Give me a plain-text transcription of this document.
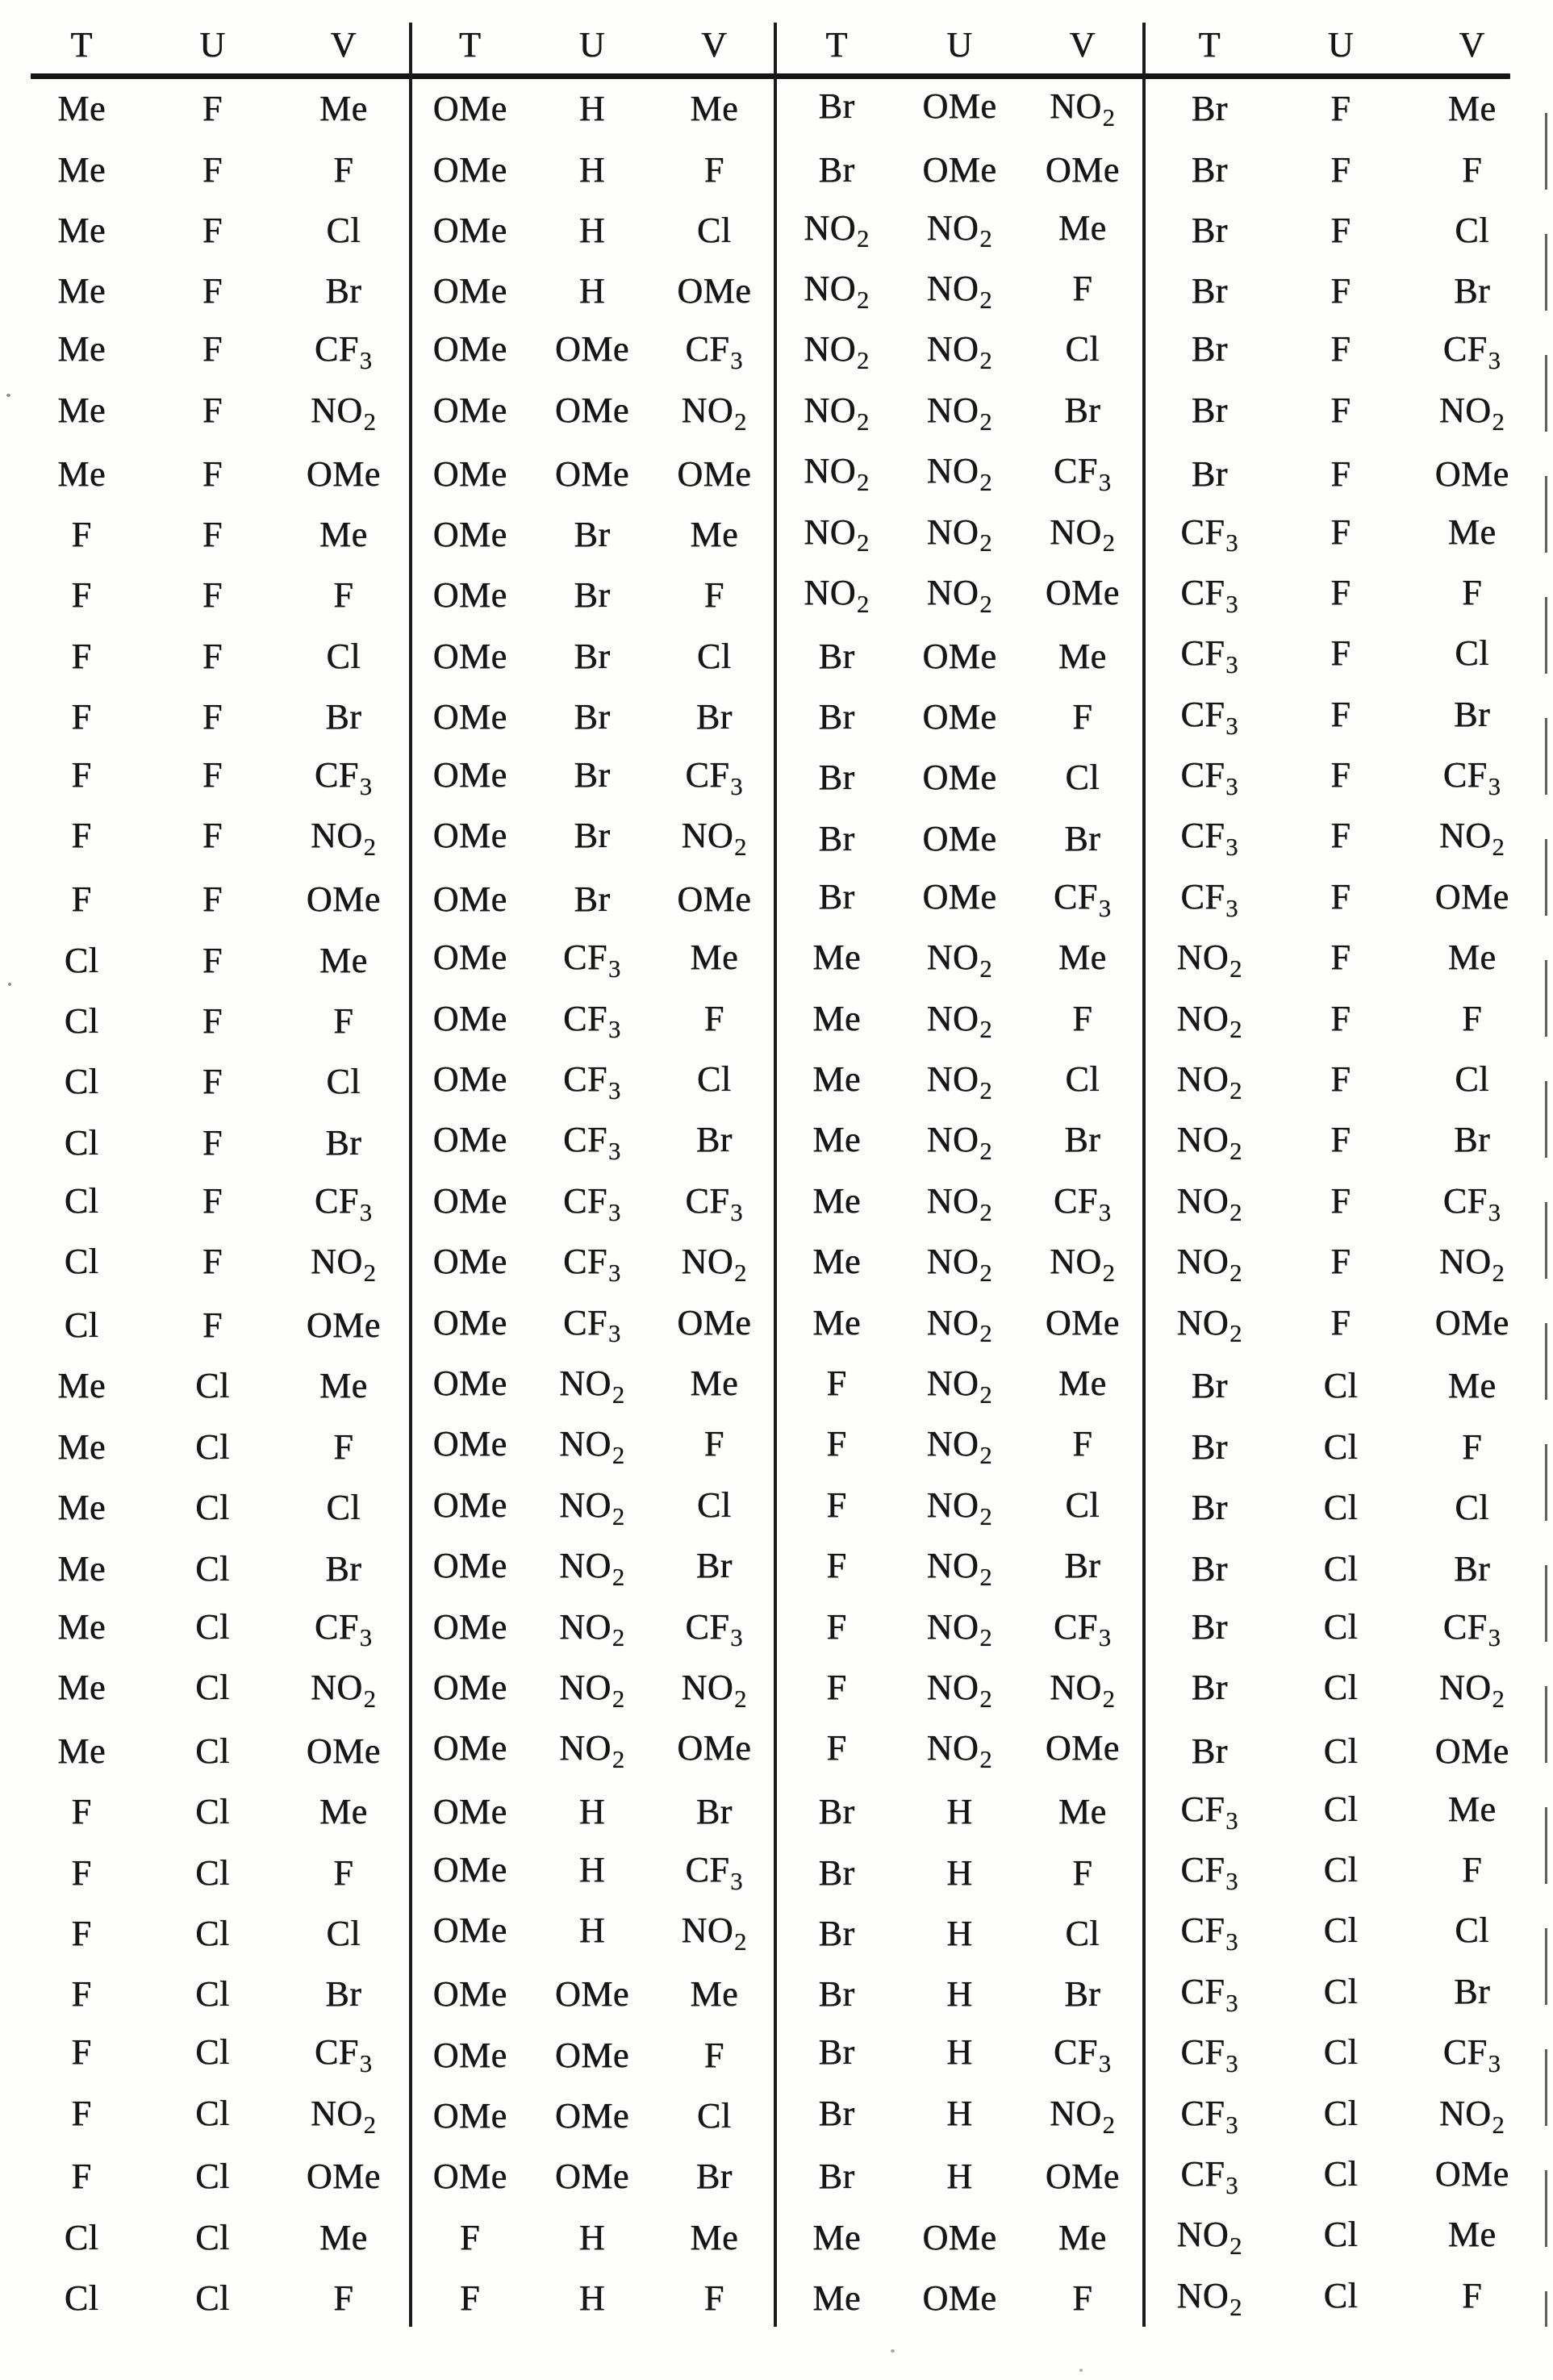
T	U	V	T	U	V	T	U	V	T	U	V
Me	F	Me	OMe	H	Me	Br	OMe	$NO_2$	Br	F	Me
Me	F	F	OMe	H	F	Br	OMe	OMe	Br	F	F
Me	F	Cl	OMe	H	Cl	$NO_2$	$NO_2$	Me	Br	F	Cl
Me	F	Br	OMe	H	OMe	$NO_2$	$NO_2$	F	Br	F	Br
Me	F	$CF_3$	OMe	OMe	$CF_3$	$NO_2$	$NO_2$	Cl	Br	F	$CF_3$
Me	F	$NO_2$	OMe	OMe	$NO_2$	$NO_2$	$NO_2$	Br	Br	F	$NO_2$
Me	F	OMe	OMe	OMe	OMe	$NO_2$	$NO_2$	$CF_3$	Br	F	OMe
F	F	Me	OMe	Br	Me	$NO_2$	$NO_2$	$NO_2$	$CF_3$	F	Me
F	F	F	OMe	Br	F	$NO_2$	$NO_2$	OMe	$CF_3$	F	F
F	F	Cl	OMe	Br	Cl	Br	OMe	Me	$CF_3$	F	Cl
F	F	Br	OMe	Br	Br	Br	OMe	F	$CF_3$	F	Br
F	F	$CF_3$	OMe	Br	$CF_3$	Br	OMe	Cl	$CF_3$	F	$CF_3$
F	F	$NO_2$	OMe	Br	$NO_2$	Br	OMe	Br	$CF_3$	F	$NO_2$
F	F	OMe	OMe	Br	OMe	Br	OMe	$CF_3$	$CF_3$	F	OMe
Cl	F	Me	OMe	$CF_3$	Me	Me	$NO_2$	Me	$NO_2$	F	Me
Cl	F	F	OMe	$CF_3$	F	Me	$NO_2$	F	$NO_2$	F	F
Cl	F	Cl	OMe	$CF_3$	Cl	Me	$NO_2$	Cl	$NO_2$	F	Cl
Cl	F	Br	OMe	$CF_3$	Br	Me	$NO_2$	Br	$NO_2$	F	Br
Cl	F	$CF_3$	OMe	$CF_3$	$CF_3$	Me	$NO_2$	$CF_3$	$NO_2$	F	$CF_3$
Cl	F	$NO_2$	OMe	$CF_3$	$NO_2$	Me	$NO_2$	$NO_2$	$NO_2$	F	$NO_2$
Cl	F	OMe	OMe	$CF_3$	OMe	Me	$NO_2$	OMe	$NO_2$	F	OMe
Me	Cl	Me	OMe	$NO_2$	Me	F	$NO_2$	Me	Br	Cl	Me
Me	Cl	F	OMe	$NO_2$	F	F	$NO_2$	F	Br	Cl	F
Me	Cl	Cl	OMe	$NO_2$	Cl	F	$NO_2$	Cl	Br	Cl	Cl
Me	Cl	Br	OMe	$NO_2$	Br	F	$NO_2$	Br	Br	Cl	Br
Me	Cl	$CF_3$	OMe	$NO_2$	$CF_3$	F	$NO_2$	$CF_3$	Br	Cl	$CF_3$
Me	Cl	$NO_2$	OMe	$NO_2$	$NO_2$	F	$NO_2$	$NO_2$	Br	Cl	$NO_2$
Me	Cl	OMe	OMe	$NO_2$	OMe	F	$NO_2$	OMe	Br	Cl	OMe
F	Cl	Me	OMe	H	Br	Br	H	Me	$CF_3$	Cl	Me
F	Cl	F	OMe	H	$CF_3$	Br	H	F	$CF_3$	Cl	F
F	Cl	Cl	OMe	H	$NO_2$	Br	H	Cl	$CF_3$	Cl	Cl
F	Cl	Br	OMe	OMe	Me	Br	H	Br	$CF_3$	Cl	Br
F	Cl	$CF_3$	OMe	OMe	F	Br	H	$CF_3$	$CF_3$	Cl	$CF_3$
F	Cl	$NO_2$	OMe	OMe	Cl	Br	H	$NO_2$	$CF_3$	Cl	$NO_2$
F	Cl	OMe	OMe	OMe	Br	Br	H	OMe	$CF_3$	Cl	OMe
Cl	Cl	Me	F	H	Me	Me	OMe	Me	$NO_2$	Cl	Me
Cl	Cl	F	F	H	F	Me	OMe	F	$NO_2$	Cl	F
